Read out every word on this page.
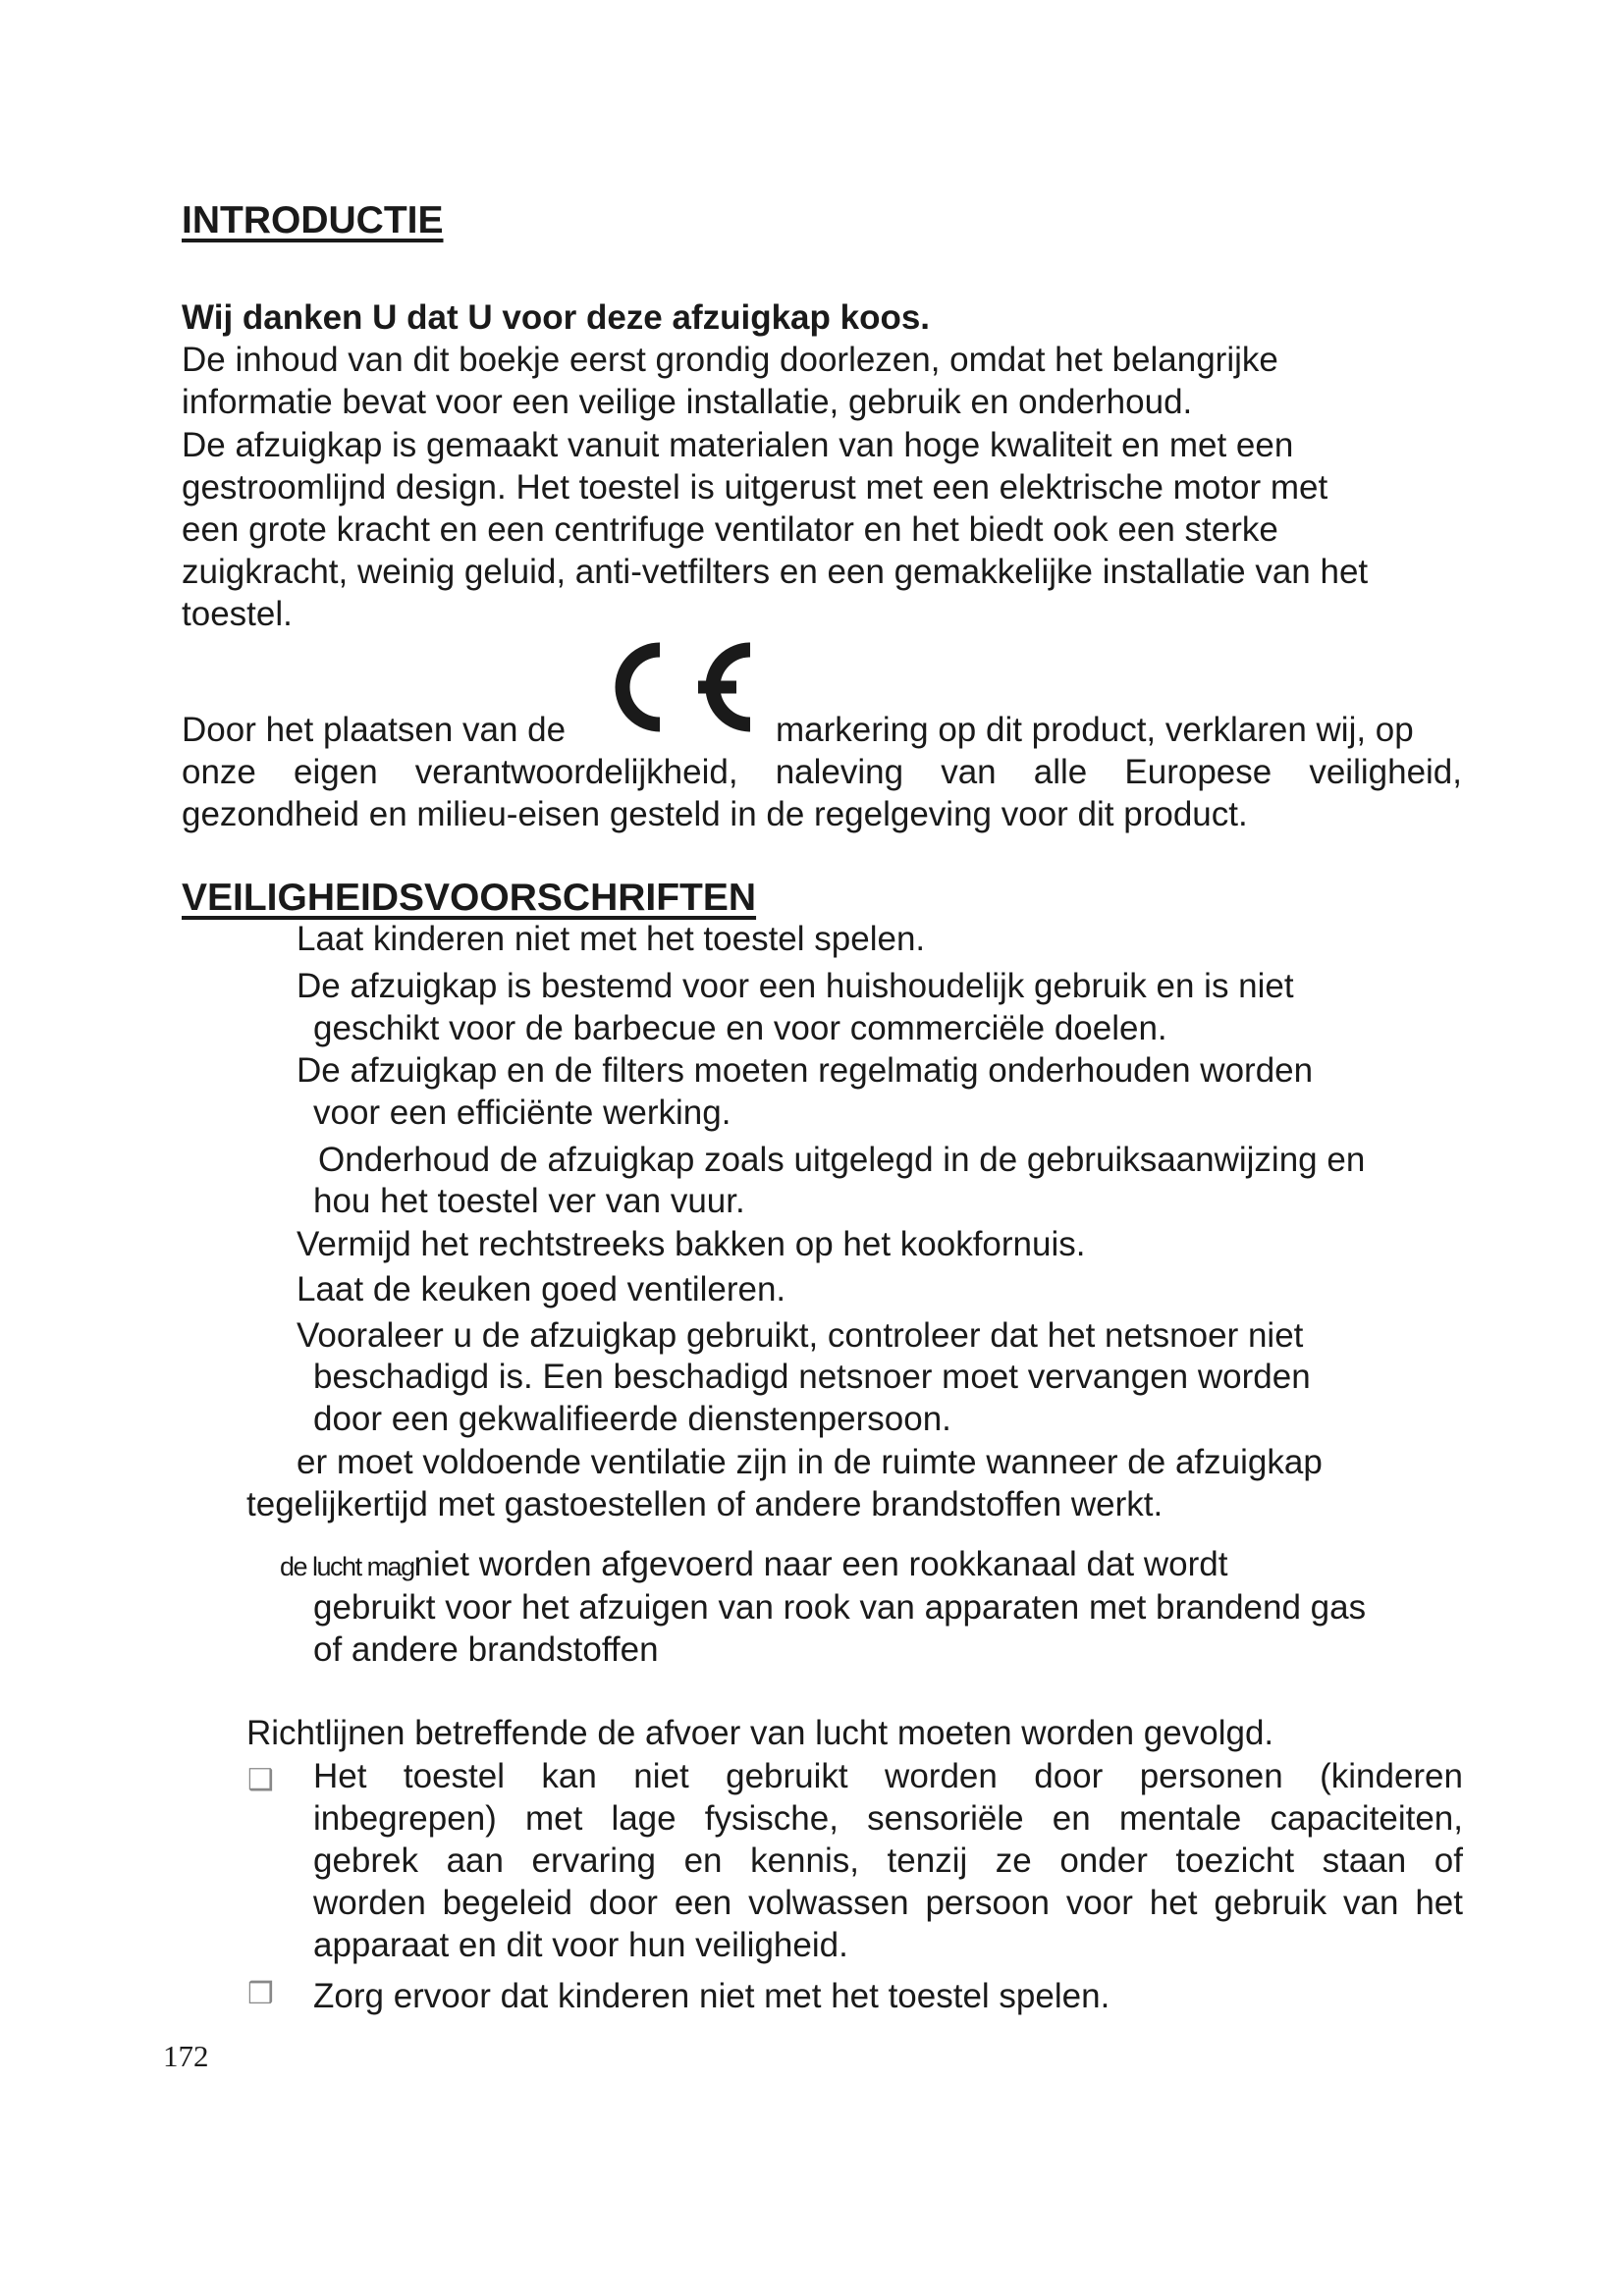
INTRODUCTIE
Wij danken U dat U voor deze afzuigkap koos.
De inhoud van dit boekje eerst grondig doorlezen, omdat het belangrijke
informatie bevat voor een veilige installatie, gebruik en onderhoud.
De afzuigkap is gemaakt vanuit materialen van hoge kwaliteit en met een
gestroomlijnd design. Het toestel is uitgerust met een elektrische motor met
een grote kracht en een centrifuge ventilator en het biedt ook een sterke
zuigkracht, weinig geluid, anti-vetfilters en een gemakkelijke installatie van het
toestel.
Door het plaatsen van de	markering op dit product, verklaren wij, op
onze eigen verantwoordelijkheid, naleving van alle Europese veiligheid,
gezondheid en milieu-eisen gesteld in de regelgeving voor dit product.
VEILIGHEIDSVOORSCHRIFTEN
Laat kinderen niet met het toestel spelen.
De afzuigkap is bestemd voor een huishoudelijk gebruik en is niet
geschikt voor de barbecue en voor commerciële doelen.
De afzuigkap en de filters moeten regelmatig onderhouden worden
voor een efficiënte werking.
Onderhoud de afzuigkap zoals uitgelegd in de gebruiksaanwijzing en
hou het toestel ver van vuur.
Vermijd het rechtstreeks bakken op het kookfornuis.
Laat de keuken goed ventileren.
Vooraleer u de afzuigkap gebruikt, controleer dat het netsnoer niet
beschadigd is. Een beschadigd netsnoer moet vervangen worden
door een gekwalifieerde dienstenpersoon.
er moet voldoende ventilatie zijn in de ruimte wanneer de afzuigkap
tegelijkertijd met gastoestellen of andere brandstoffen werkt.
de lucht magniet worden afgevoerd naar een rookkanaal dat wordt
gebruikt voor het afzuigen van rook van apparaten met brandend gas
of andere brandstoffen
Richtlijnen betreffende de afvoer van lucht moeten worden gevolgd.
❑ Het toestel kan niet gebruikt worden door personen (kinderen
inbegrepen) met lage fysische, sensoriële en mentale capaciteiten,
gebrek aan ervaring en kennis, tenzij ze onder toezicht staan of
worden begeleid door een volwassen persoon voor het gebruik van het
apparaat en dit voor hun veiligheid.
❒ Zorg ervoor dat kinderen niet met het toestel spelen.
172
